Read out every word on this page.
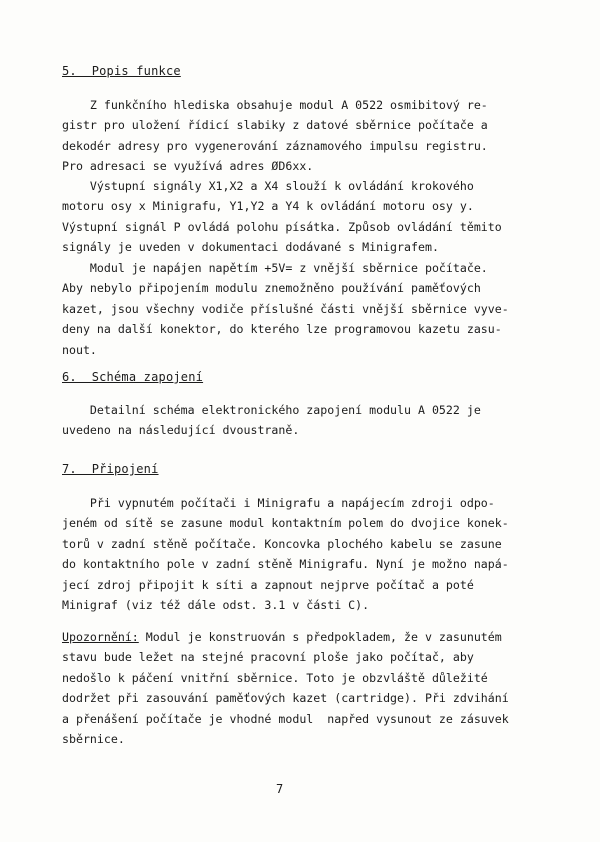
5.  Popis funkce
Z funkčního hlediska obsahuje modul A 0522 osmibitový re-
gistr pro uložení řídicí slabiky z datové sběrnice počítače a
dekodér adresy pro vygenerování záznamového impulsu registru.
Pro adresaci se využívá adres ØD6xx.
Výstupní signály X1,X2 a X4 slouží k ovládání krokového
motoru osy x Minigrafu, Y1,Y2 a Y4 k ovládání motoru osy y.
Výstupní signál P ovládá polohu písátka. Způsob ovládání těmito
signály je uveden v dokumentaci dodávané s Minigrafem.
Modul je napájen napětím +5V= z vnější sběrnice počítače.
Aby nebylo připojením modulu znemožněno používání paměťových
kazet, jsou všechny vodiče příslušné části vnější sběrnice vyve-
deny na další konektor, do kterého lze programovou kazetu zasu-
nout.
6.  Schéma zapojení
Detailní schéma elektronického zapojení modulu A 0522 je
uvedeno na následující dvoustraně.
7.  Připojení
Při vypnutém počítači i Minigrafu a napájecím zdroji odpo-
jeném od sítě se zasune modul kontaktním polem do dvojice konek-
torů v zadní stěně počítače. Koncovka plochého kabelu se zasune
do kontaktního pole v zadní stěně Minigrafu. Nyní je možno napá-
jecí zdroj připojit k síti a zapnout nejprve počítač a poté
Minigraf (viz též dále odst. 3.1 v části C).
Upozornění: Modul je konstruován s předpokladem, že v zasunutém
stavu bude ležet na stejné pracovní ploše jako počítač, aby
nedošlo k páčení vnitřní sběrnice. Toto je obzvláště důležité
dodržet při zasouvání paměťových kazet (cartridge). Při zdvihání
a přenášení počítače je vhodné modul  napřed vysunout ze zásuvek
sběrnice.
7
